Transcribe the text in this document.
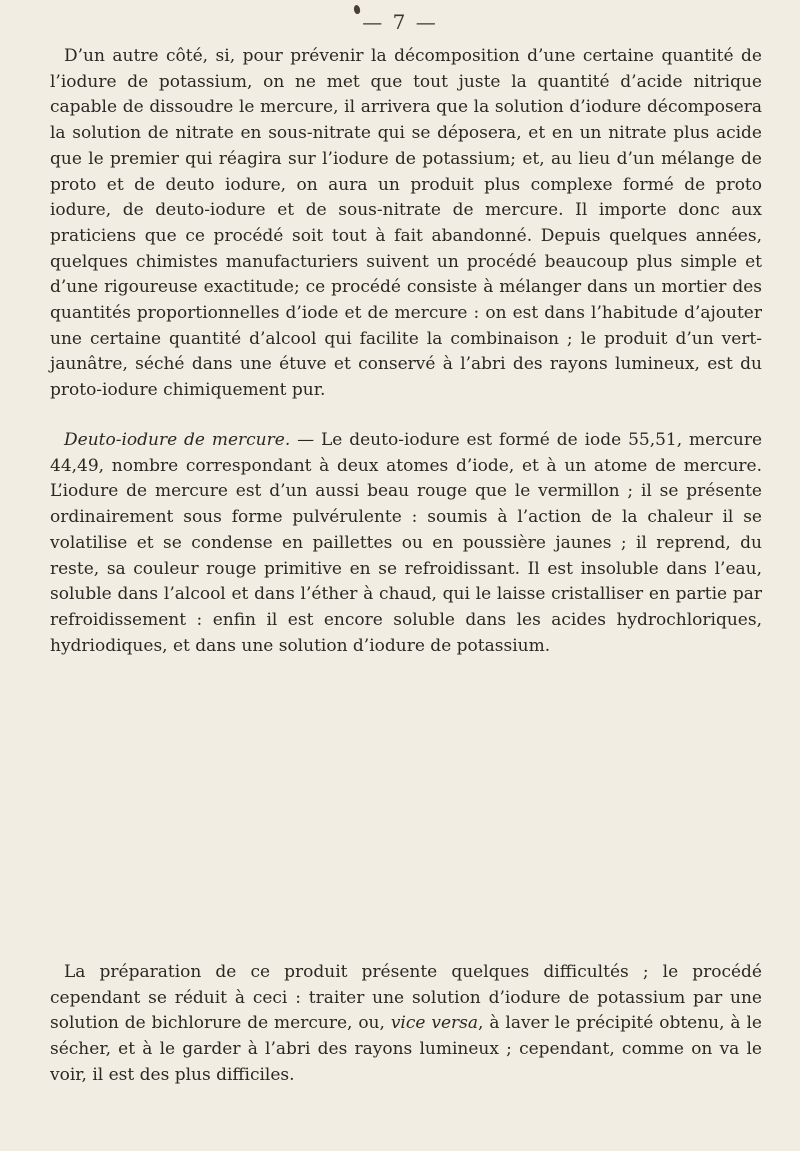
— 7 —

D’un autre côté, si, pour prévenir la décomposition d’une certaine quantité de l’iodure de potassium, on ne met que tout juste la quantité d’acide nitrique capable de dissoudre le mercure, il arrivera que la solution d’iodure décomposera la solution de nitrate en sous-nitrate qui se déposera, et en un nitrate plus acide que le premier qui réagira sur l’iodure de potassium; et, au lieu d’un mélange de proto et de deuto iodure, on aura un produit plus complexe formé de proto iodure, de deuto-iodure et de sous-nitrate de mercure. Il importe donc aux praticiens que ce procédé soit tout à fait abandonné. Depuis quelques années, quelques chimistes manufacturiers suivent un procédé beaucoup plus simple et d’une rigoureuse exactitude; ce procédé consiste à mélanger dans un mortier des quantités proportionnelles d’iode et de mercure : on est dans l’habitude d’ajouter une certaine quantité d’alcool qui facilite la combinaison ; le produit d’un vert-jaunâtre, séché dans une étuve et conservé à l’abri des rayons lumineux, est du proto-iodure chimiquement pur.

Deuto-iodure de mercure. — Le deuto-iodure est formé de iode 55,51, mercure 44,49, nombre correspondant à deux atomes d’iode, et à un atome de mercure. L’iodure de mercure est d’un aussi beau rouge que le vermillon ; il se présente ordinairement sous forme pulvérulente : soumis à l’action de la chaleur il se volatilise et se condense en paillettes ou en poussière jaunes ; il reprend, du reste, sa couleur rouge primitive en se refroidissant. Il est insoluble dans l’eau, soluble dans l’alcool et dans l’éther à chaud, qui le laisse cristalliser en partie par refroidissement : enfin il est encore soluble dans les acides hydrochloriques, hydriodiques, et dans une solution d’iodure de potassium.

La préparation de ce produit présente quelques difficultés ; le procédé cependant se réduit à ceci : traiter une solution d’iodure de potassium par une solution de bichlorure de mercure, ou, vice versa, à laver le précipité obtenu, à le sécher, et à le garder à l’abri des rayons lumineux ; cependant, comme on va le voir, il est des plus difficiles.
